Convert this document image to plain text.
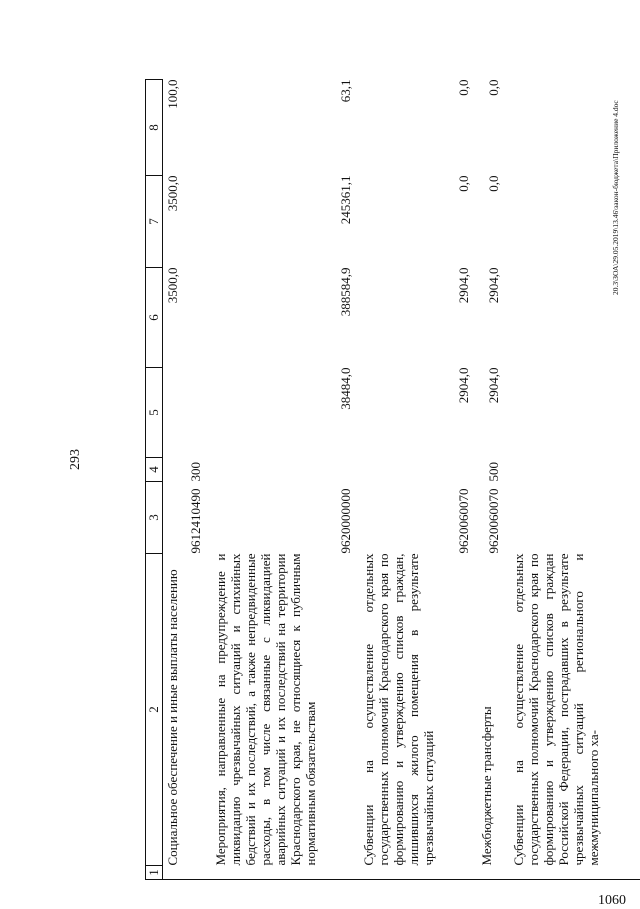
1060
1	2	3	4	5	6	7	8
	Социальное обеспечение и иные выплаты населению	9612410490	300		3500,0	3500,0	100,0
	Мероприятия, направленные на предупреждение и ликвидацию чрезвычайных ситуаций и стихийных бедствий и их последствий, а также непредвиденные расходы, в том числе связанные с ликвидацией аварийных ситуаций и их последствий на территории Краснодарского края, не относящиеся к публичным нормативным обязательствам	9620000000		38484,0	388584,9	245361,1	63,1
	Субвенции на осуществление отдельных государственных полномочий Краснодарского края по формированию и утверждению списков граждан, лишившихся жилого помещения в результате чрезвычайных ситуаций	9620060070		2904,0	2904,0	0,0	0,0
	Межбюджетные трансферты	9620060070	500	2904,0	2904,0	0,0	0,0
	Субвенции на осуществление отдельных государственных полномочий Краснодарского края по формированию и утверждению списков граждан Российской Федерации, пострадавших в результате чрезвычайных ситуаций регионального и межмуниципального ха-						
20.3\ЗОА\29.05.2019\13.46\закон-бюджета\Приложение 4.doc
293
